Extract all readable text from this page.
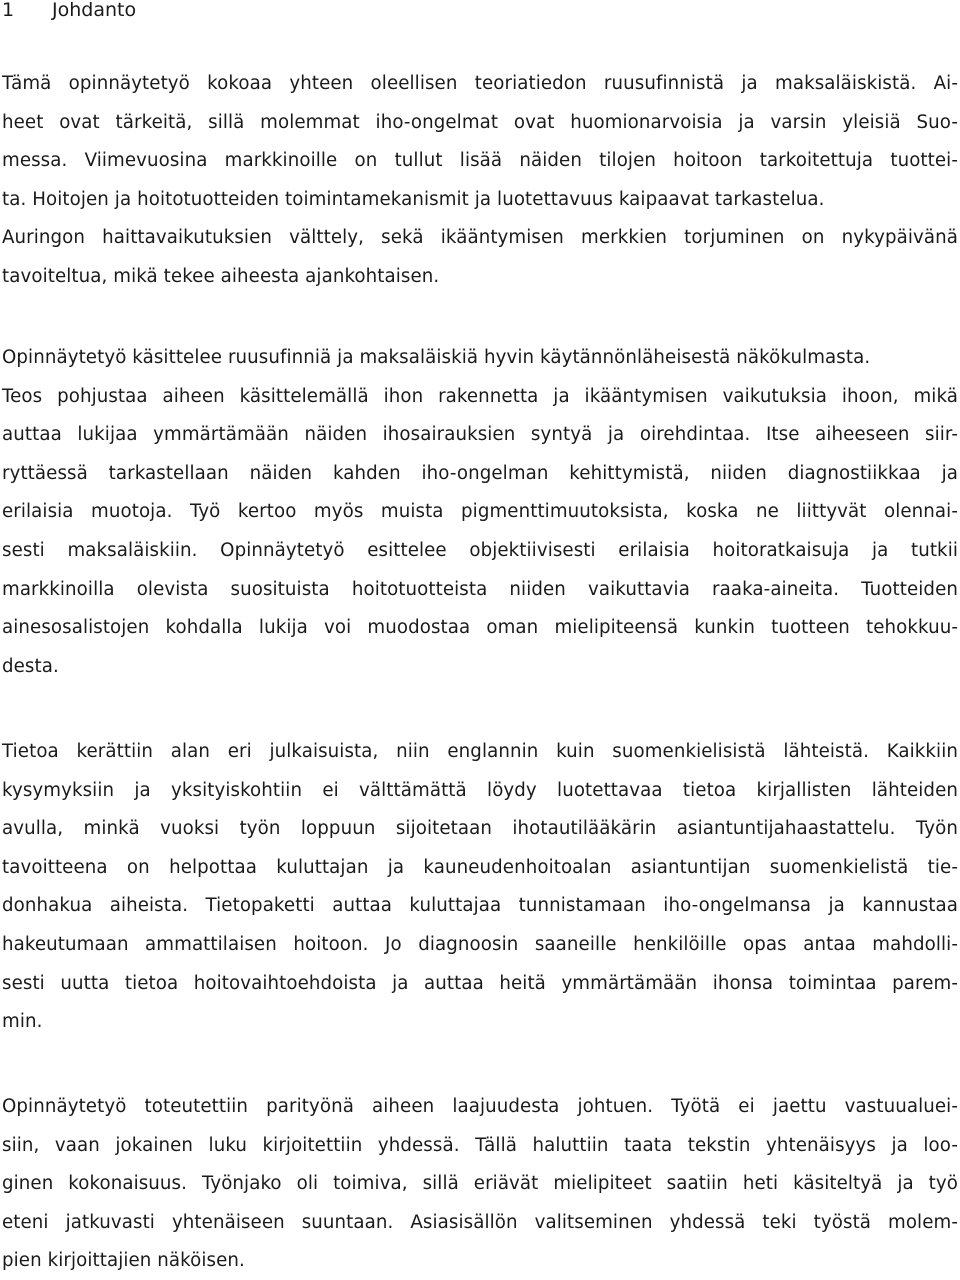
1 Johdanto
Tämä opinnäytetyö kokoaa yhteen oleellisen teoriatiedon ruusufinnistä ja maksaläiskistä. Ai-
heet ovat tärkeitä, sillä molemmat iho-ongelmat ovat huomionarvoisia ja varsin yleisiä Suo-
messa. Viimevuosina markkinoille on tullut lisää näiden tilojen hoitoon tarkoitettuja tuottei-
ta. Hoitojen ja hoitotuotteiden toimintamekanismit ja luotettavuus kaipaavat tarkastelua.
Auringon haittavaikutuksien välttely, sekä ikääntymisen merkkien torjuminen on nykypäivänä
tavoiteltua, mikä tekee aiheesta ajankohtaisen.
Opinnäytetyö käsittelee ruusufinniä ja maksaläiskiä hyvin käytännönläheisestä näkökulmasta.
Teos pohjustaa aiheen käsittelemällä ihon rakennetta ja ikääntymisen vaikutuksia ihoon, mikä
auttaa lukijaa ymmärtämään näiden ihosairauksien syntyä ja oirehdintaa. Itse aiheeseen siir-
ryttäessä tarkastellaan näiden kahden iho-ongelman kehittymistä, niiden diagnostiikkaa ja
erilaisia muotoja. Työ kertoo myös muista pigmenttimuutoksista, koska ne liittyvät olennai-
sesti maksaläiskiin. Opinnäytetyö esittelee objektiivisesti erilaisia hoitoratkaisuja ja tutkii
markkinoilla olevista suosituista hoitotuotteista niiden vaikuttavia raaka-aineita. Tuotteiden
ainesosalistojen kohdalla lukija voi muodostaa oman mielipiteensä kunkin tuotteen tehokkuu-
desta.
Tietoa kerättiin alan eri julkaisuista, niin englannin kuin suomenkielisistä lähteistä. Kaikkiin
kysymyksiin ja yksityiskohtiin ei välttämättä löydy luotettavaa tietoa kirjallisten lähteiden
avulla, minkä vuoksi työn loppuun sijoitetaan ihotautilääkärin asiantuntijahaastattelu. Työn
tavoitteena on helpottaa kuluttajan ja kauneudenhoitoalan asiantuntijan suomenkielistä tie-
donhakua aiheista. Tietopaketti auttaa kuluttajaa tunnistamaan iho-ongelmansa ja kannustaa
hakeutumaan ammattilaisen hoitoon. Jo diagnoosin saaneille henkilöille opas antaa mahdolli-
sesti uutta tietoa hoitovaihtoehdoista ja auttaa heitä ymmärtämään ihonsa toimintaa parem-
min.
Opinnäytetyö toteutettiin parityönä aiheen laajuudesta johtuen. Työtä ei jaettu vastuualuei-
siin, vaan jokainen luku kirjoitettiin yhdessä. Tällä haluttiin taata tekstin yhtenäisyys ja loo-
ginen kokonaisuus. Työnjako oli toimiva, sillä eriävät mielipiteet saatiin heti käsiteltyä ja työ
eteni jatkuvasti yhtenäiseen suuntaan. Asiasisällön valitseminen yhdessä teki työstä molem-
pien kirjoittajien näköisen.
